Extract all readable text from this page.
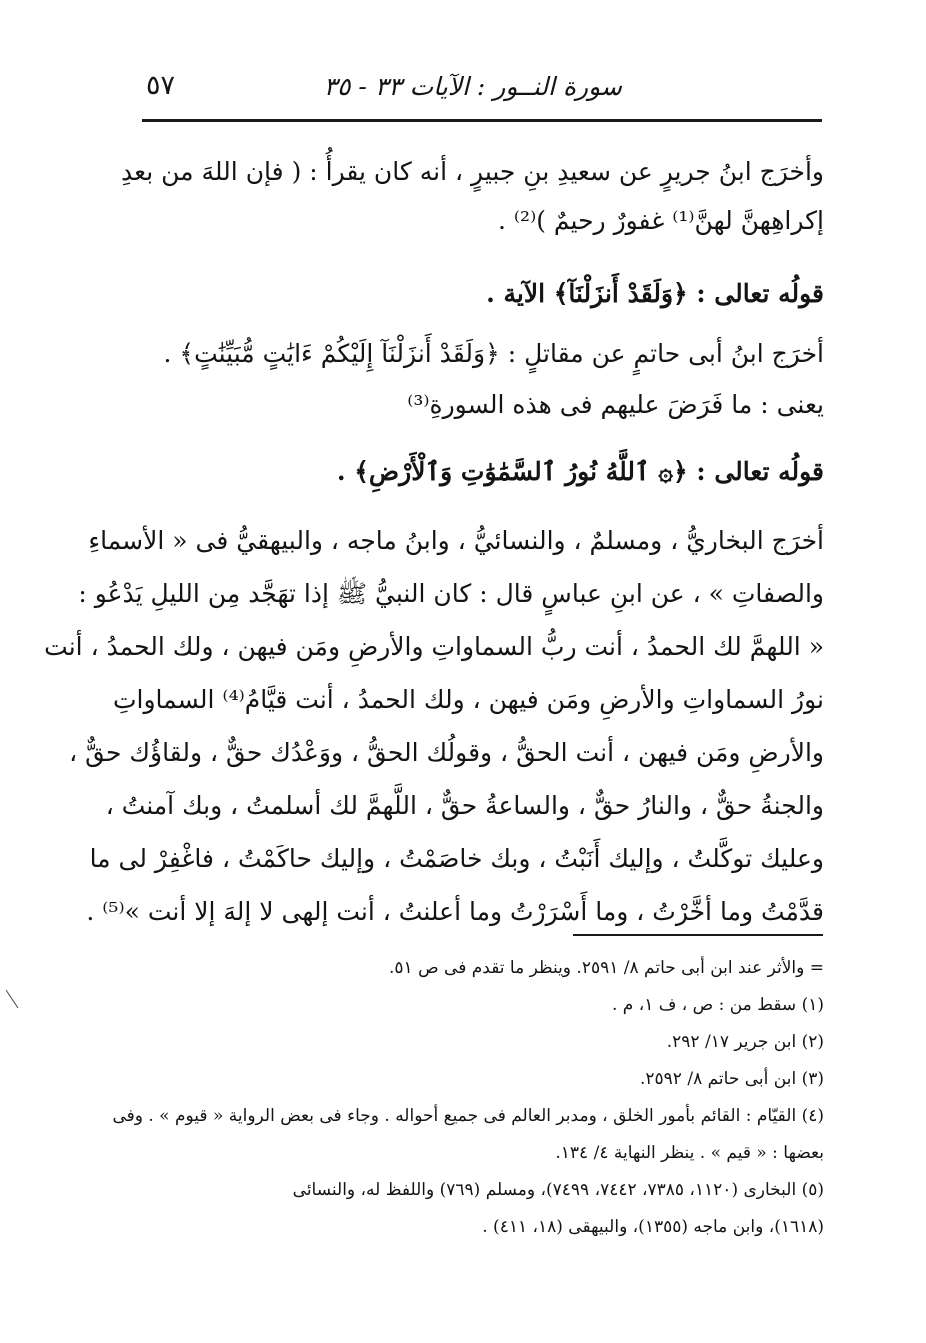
٥٧	سورة النــور : الآيات ٣٣ - ٣٥
وأخرَج ابنُ جريرٍ عن سعيدِ بنِ جبيرٍ ، أنه كان يقرأُ : ( فإن اللهَ من بعدِ
إكراهِهنَّ لهنَّ⁽¹⁾ غفورٌ رحيمٌ )⁽²⁾ .
قولُه تعالى : ﴿وَلَقَدْ أَنزَلْنَآ﴾ الآية .
أخرَج ابنُ أبى حاتمٍ عن مقاتلٍ : ﴿وَلَقَدْ أَنزَلْنَآ إِلَيْكُمْ ءَايَٰتٍ مُّبَيِّنَٰتٍ﴾ .
يعنى : ما فَرَضَ عليهم فى هذه السورةِ⁽³⁾
قولُه تعالى : ﴿۞ ٱللَّهُ نُورُ ٱلسَّمَٰوَٰتِ وَٱلْأَرْضِ﴾ .
أخرَج البخاريُّ ، ومسلمٌ ، والنسائيُّ ، وابنُ ماجه ، والبيهقيُّ فى « الأسماءِ
والصفاتِ » ، عن ابنِ عباسٍ قال : كان النبيُّ ﷺ إذا تهَجَّد مِن الليلِ يَدْعُو :
« اللهمَّ لك الحمدُ ، أنت ربُّ السماواتِ والأرضِ ومَن فيهن ، ولك الحمدُ ، أنت
نورُ السماواتِ والأرضِ ومَن فيهن ، ولك الحمدُ ، أنت قيَّامُ⁽⁴⁾ السماواتِ
والأرضِ ومَن فيهن ، أنت الحقُّ ، وقولُك الحقُّ ، ووَعْدُك حقٌّ ، ولقاؤُك حقٌّ ،
والجنةُ حقٌّ ، والنارُ حقٌّ ، والساعةُ حقٌّ ، اللَّهمَّ لك أسلمتُ ، وبك آمنتُ ،
وعليك توكَّلتُ ، وإليك أَنَبْتُ ، وبك خاصَمْتُ ، وإليك حاكَمْتُ ، فاغْفِرْ لى ما
قدَّمْتُ وما أخَّرْتُ ، وما أَسْرَرْتُ وما أعلنتُ ، أنت إلهى لا إلهَ إلا أنت »⁽⁵⁾ .
= والأثر عند ابن أبى حاتم ٨/ ٢٥٩١. وينظر ما تقدم فى ص ٥١.
(١) سقط من : ص ، ف ١، م .
(٢) ابن جرير ١٧/ ٢٩٢.
(٣) ابن أبى حاتم ٨/ ٢٥٩٢.
(٤) القيّام : القائم بأمور الخلق ، ومدبر العالم فى جميع أحواله . وجاء فى بعض الرواية « قيوم » . وفى
بعضها : « قيم » . ينظر النهاية ٤/ ١٣٤.
(٥) البخارى (١١٢٠، ٧٣٨٥، ٧٤٤٢، ٧٤٩٩)، ومسلم (٧٦٩) واللفظ له، والنسائى
(١٦١٨)، وابن ماجه (١٣٥٥)، والبيهقى (١٨، ٤١١) .
